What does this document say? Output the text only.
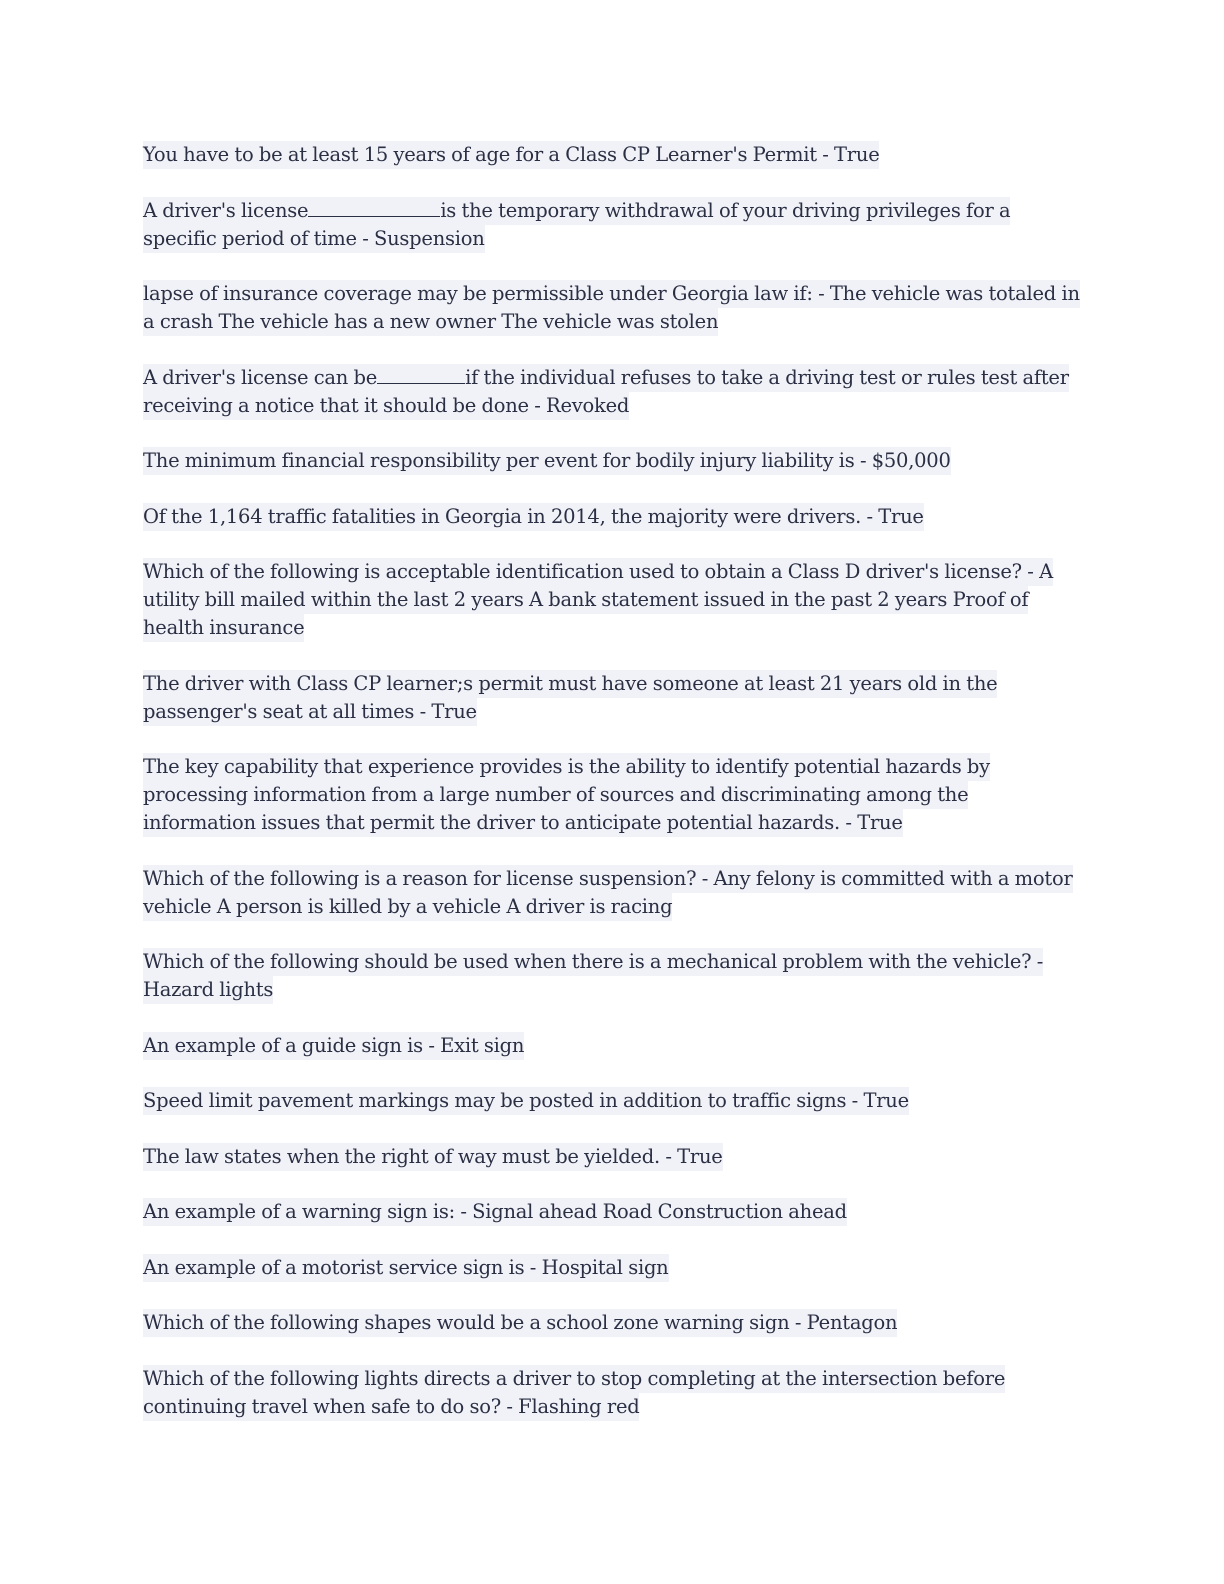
You have to be at least 15 years of age for a Class CP Learner's Permit - True

A driver's license	is the temporary withdrawal of your driving privileges for a specific period of time - Suspension

lapse of insurance coverage may be permissible under Georgia law if: - The vehicle was totaled in a crash The vehicle has a new owner The vehicle was stolen

A driver's license can be	if the individual refuses to take a driving test or rules test after receiving a notice that it should be done - Revoked

The minimum financial responsibility per event for bodily injury liability is - $50,000

Of the 1,164 traffic fatalities in Georgia in 2014, the majority were drivers. - True

Which of the following is acceptable identification used to obtain a Class D driver's license? - A utility bill mailed within the last 2 years A bank statement issued in the past 2 years Proof of health insurance

The driver with Class CP learner;s permit must have someone at least 21 years old in the passenger's seat at all times - True

The key capability that experience provides is the ability to identify potential hazards by processing information from a large number of sources and discriminating among the information issues that permit the driver to anticipate potential hazards. - True

Which of the following is a reason for license suspension? - Any felony is committed with a motor vehicle A person is killed by a vehicle A driver is racing

Which of the following should be used when there is a mechanical problem with the vehicle? - Hazard lights

An example of a guide sign is - Exit sign

Speed limit pavement markings may be posted in addition to traffic signs - True

The law states when the right of way must be yielded. - True

An example of a warning sign is: - Signal ahead Road Construction ahead

An example of a motorist service sign is - Hospital sign

Which of the following shapes would be a school zone warning sign - Pentagon

Which of the following lights directs a driver to stop completing at the intersection before continuing travel when safe to do so? - Flashing red
